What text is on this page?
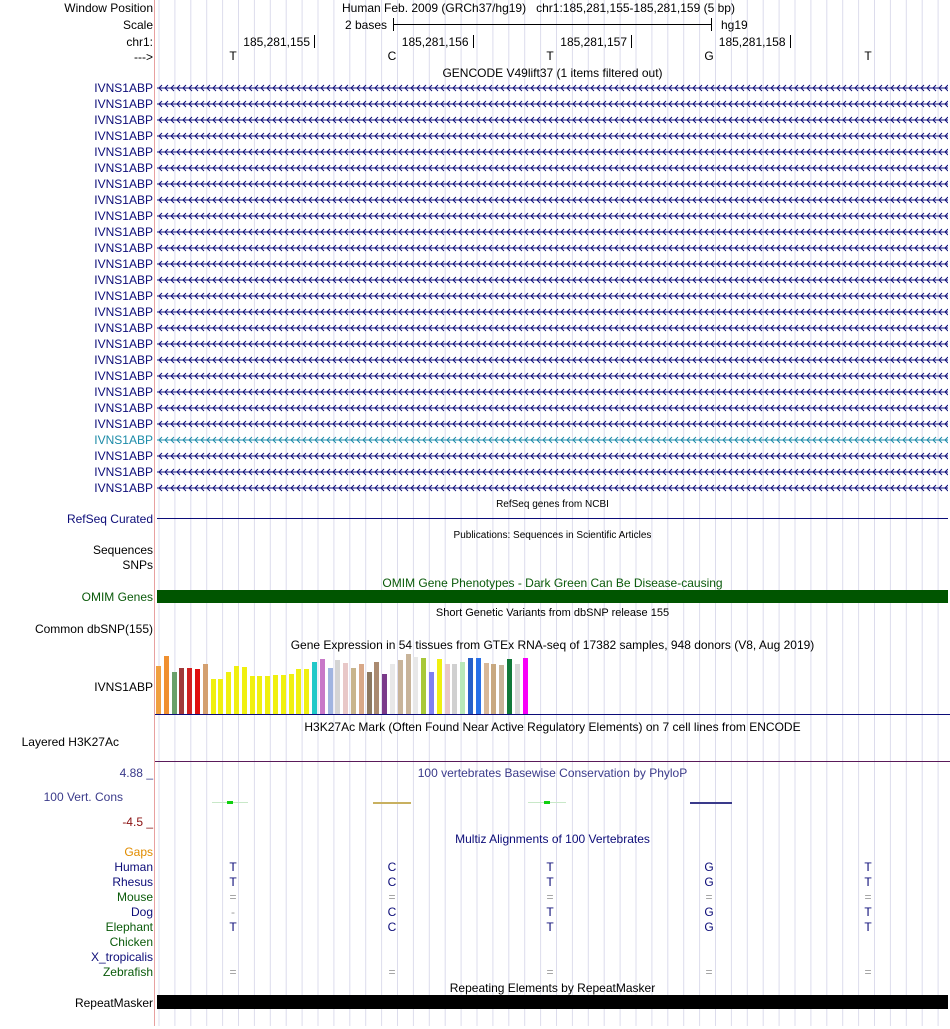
Window Position	Human Feb. 2009 (GRCh37/hg19) chr1:185,281,155-185,281,159 (5 bp)
Scale	2 bases	hg19
chr1:	185,281,155	185,281,156	185,281,157	185,281,158
--->	T	C	T	G	T
GENCODE V49lift37 (1 items filtered out)
IVNS1ABP
IVNS1ABP
IVNS1ABP
IVNS1ABP
IVNS1ABP
IVNS1ABP
IVNS1ABP
IVNS1ABP
IVNS1ABP
IVNS1ABP
IVNS1ABP
IVNS1ABP
IVNS1ABP
IVNS1ABP
IVNS1ABP
IVNS1ABP
IVNS1ABP
IVNS1ABP
IVNS1ABP
IVNS1ABP
IVNS1ABP
IVNS1ABP
IVNS1ABP
IVNS1ABP
IVNS1ABP
IVNS1ABP
RefSeq genes from NCBI
RefSeq Curated
Publications: Sequences in Scientific Articles
Sequences
SNPs
OMIM Gene Phenotypes - Dark Green Can Be Disease-causing
OMIM Genes
Short Genetic Variants from dbSNP release 155
Common dbSNP(155)
Gene Expression in 54 tissues from GTEx RNA-seq of 17382 samples, 948 donors (V8, Aug 2019)
IVNS1ABP
H3K27Ac Mark (Often Found Near Active Regulatory Elements) on 7 cell lines from ENCODE
Layered H3K27Ac
100 vertebrates Basewise Conservation by PhyloP
4.88 _
100 Vert. Cons
-4.5 _
Multiz Alignments of 100 Vertebrates
Gaps
Human	T	C	T	G	T
Rhesus	T	C	T	G	T
Mouse	=	=	=	=	=
Dog	-	C	T	G	T
Elephant	T	C	T	G	T
Chicken
X_tropicalis
Zebrafish	=	=	=	=	=
Repeating Elements by RepeatMasker
RepeatMasker
